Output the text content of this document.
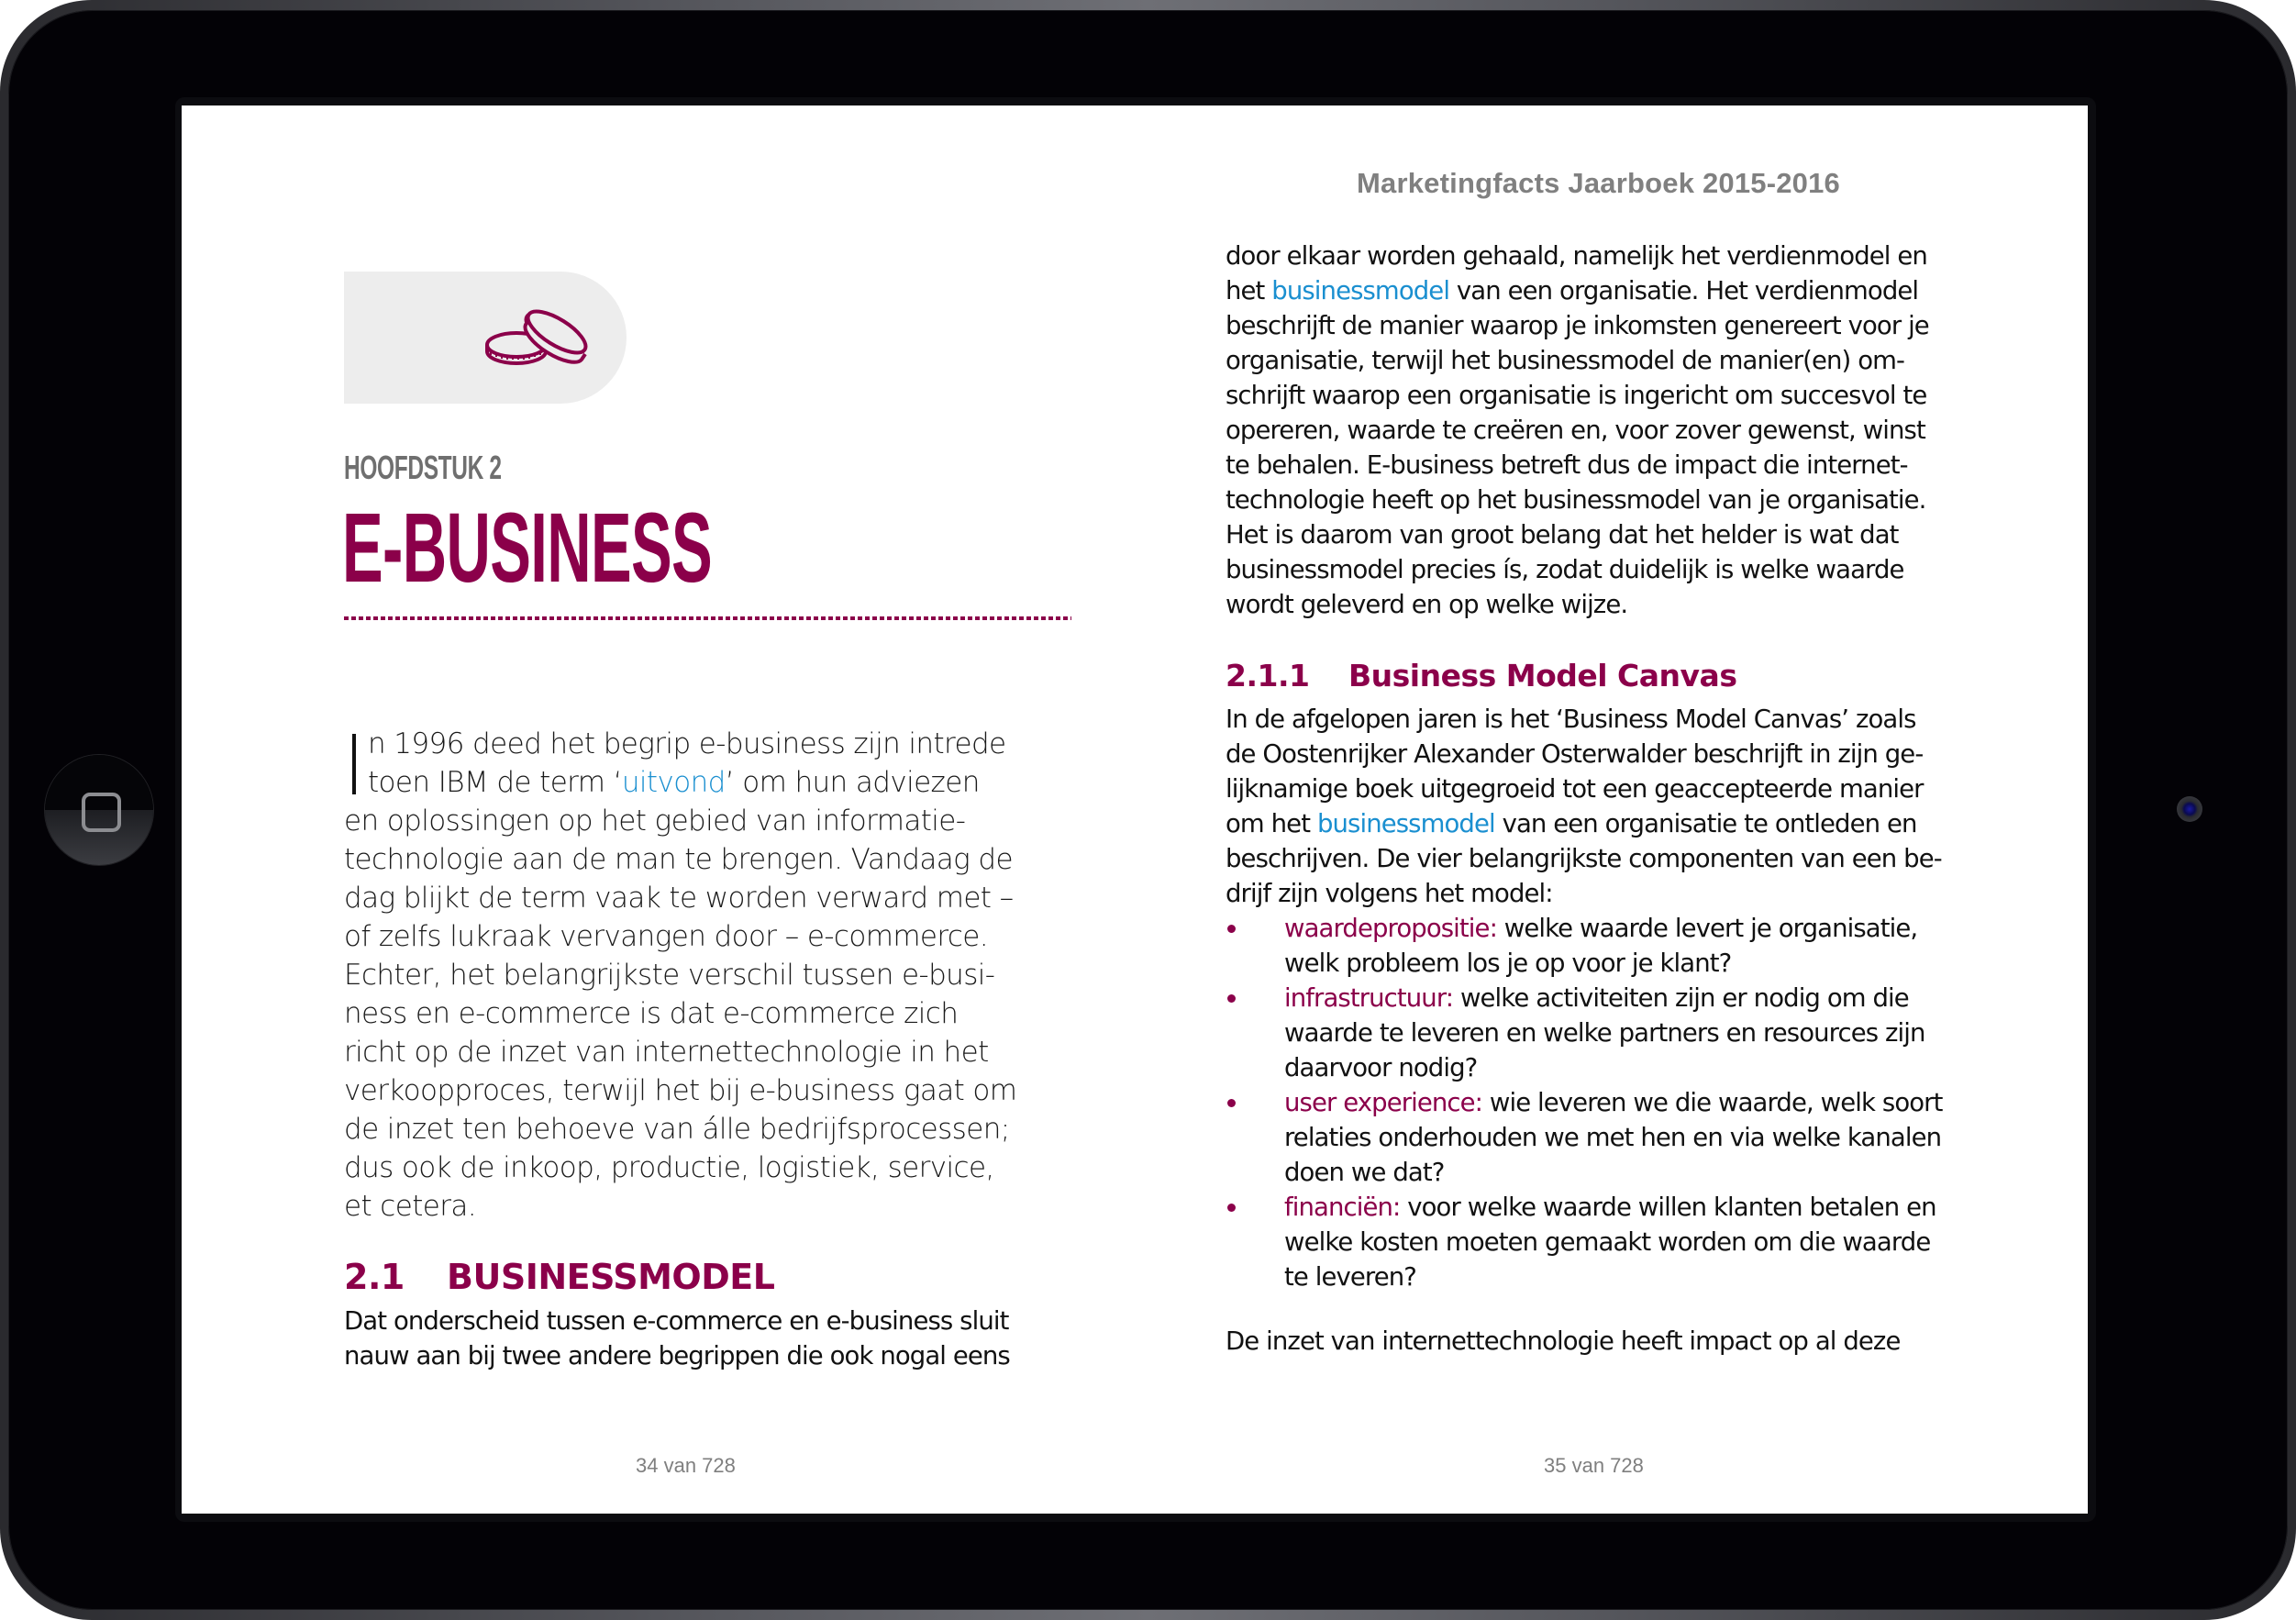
Marketingfacts Jaarboek 2015-2016
HOOFDSTUK 2
E-BUSINESS
n 1996 deed het begrip e-business zijn intrede
toen IBM de term ‘uitvond’ om hun adviezen
en oplossingen op het gebied van informatie-
technologie aan de man te brengen. Vandaag de
dag blijkt de term vaak te worden verward met –
of zelfs lukraak vervangen door – e-commerce.
Echter, het belangrijkste verschil tussen e-busi-
ness en e-commerce is dat e-commerce zich
richt op de inzet van internettechnologie in het
verkoopproces, terwijl het bij e-business gaat om
de inzet ten behoeve van álle bedrijfsprocessen;
dus ook de inkoop, productie, logistiek, service,
et cetera.
2.1 BUSINESSMODEL
Dat onderscheid tussen e-commerce en e-business sluit
nauw aan bij twee andere begrippen die ook nogal eens
34 van 728
door elkaar worden gehaald, namelijk het verdienmodel en
het businessmodel van een organisatie. Het verdienmodel
beschrijft de manier waarop je inkomsten genereert voor je
organisatie, terwijl het businessmodel de manier(en) om-
schrijft waarop een organisatie is ingericht om succesvol te
opereren, waarde te creëren en, voor zover gewenst, winst
te behalen. E-business betreft dus de impact die internet-
technologie heeft op het businessmodel van je organisatie.
Het is daarom van groot belang dat het helder is wat dat
businessmodel precies ís, zodat duidelijk is welke waarde
wordt geleverd en op welke wijze.
2.1.1 Business Model Canvas
In de afgelopen jaren is het ‘Business Model Canvas’ zoals
de Oostenrijker Alexander Osterwalder beschrijft in zijn ge-
lijknamige boek uitgegroeid tot een geaccepteerde manier
om het businessmodel van een organisatie te ontleden en
beschrijven. De vier belangrijkste componenten van een be-
drijf zijn volgens het model:
waardepropositie: welke waarde levert je organisatie,
welk probleem los je op voor je klant?
infrastructuur: welke activiteiten zijn er nodig om die
waarde te leveren en welke partners en resources zijn
daarvoor nodig?
user experience: wie leveren we die waarde, welk soort
relaties onderhouden we met hen en via welke kanalen
doen we dat?
financiën: voor welke waarde willen klanten betalen en
welke kosten moeten gemaakt worden om die waarde
te leveren?
De inzet van internettechnologie heeft impact op al deze
35 van 728
